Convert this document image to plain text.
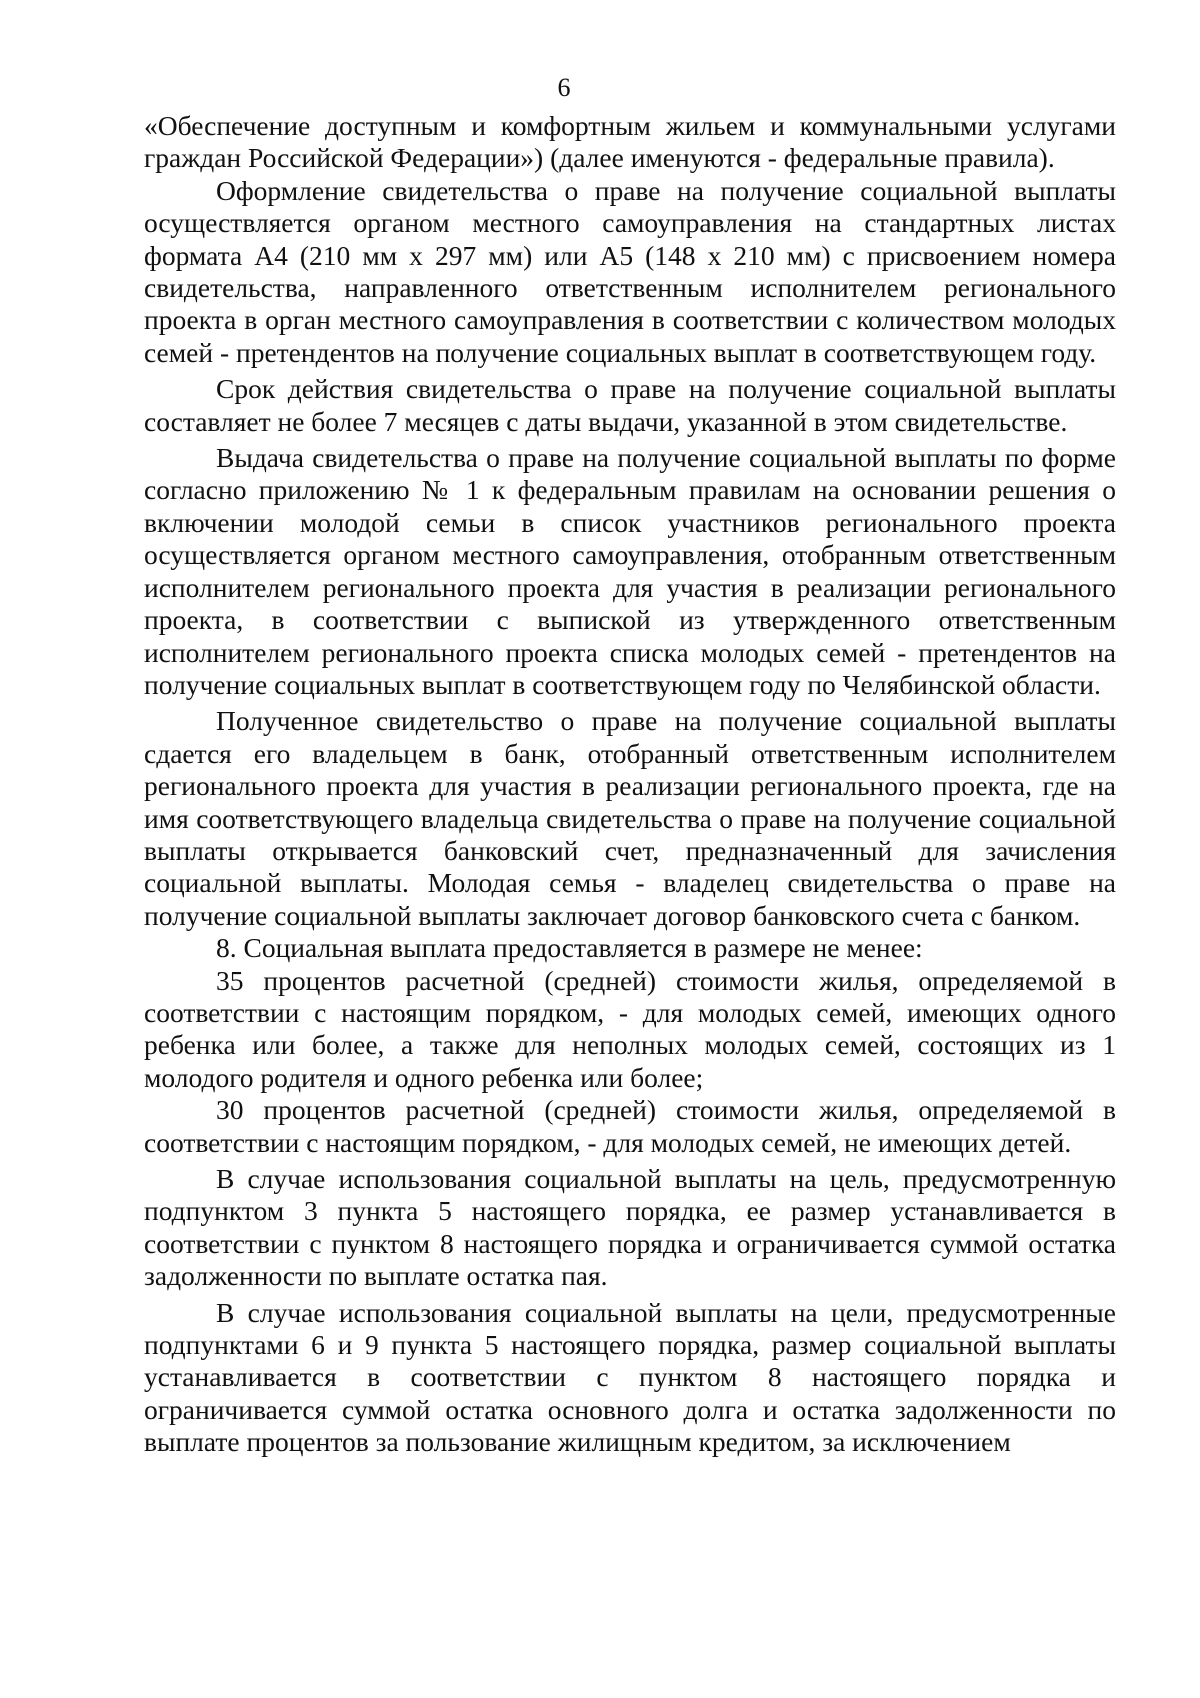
6

«Обеспечение доступным и комфортным жильем и коммунальными услугами граждан Российской Федерации») (далее именуются - федеральные правила).

Оформление свидетельства о праве на получение социальной выплаты осуществляется органом местного самоуправления на стандартных листах формата А4 (210 мм х 297 мм) или А5 (148 х 210 мм) с присвоением номера свидетельства, направленного ответственным исполнителем регионального проекта в орган местного самоуправления в соответствии с количеством молодых семей - претендентов на получение социальных выплат в соответствующем году.

Срок действия свидетельства о праве на получение социальной выплаты составляет не более 7 месяцев с даты выдачи, указанной в этом свидетельстве.

Выдача свидетельства о праве на получение социальной выплаты по форме согласно приложению № 1 к федеральным правилам на основании решения о включении молодой семьи в список участников регионального проекта осуществляется органом местного самоуправления, отобранным ответственным исполнителем регионального проекта для участия в реализации регионального проекта, в соответствии с выпиской из утвержденного ответственным исполнителем регионального проекта списка молодых семей - претендентов на получение социальных выплат в соответствующем году по Челябинской области.

Полученное свидетельство о праве на получение социальной выплаты сдается его владельцем в банк, отобранный ответственным исполнителем регионального проекта для участия в реализации регионального проекта, где на имя соответствующего владельца свидетельства о праве на получение социальной выплаты открывается банковский счет, предназначенный для зачисления социальной выплаты. Молодая семья - владелец свидетельства о праве на получение социальной выплаты заключает договор банковского счета с банком.

8. Социальная выплата предоставляется в размере не менее:

35 процентов расчетной (средней) стоимости жилья, определяемой в соответствии с настоящим порядком, - для молодых семей, имеющих одного ребенка или более, а также для неполных молодых семей, состоящих из 1 молодого родителя и одного ребенка или более;

30 процентов расчетной (средней) стоимости жилья, определяемой в соответствии с настоящим порядком, - для молодых семей, не имеющих детей.

В случае использования социальной выплаты на цель, предусмотренную подпунктом 3 пункта 5 настоящего порядка, ее размер устанавливается в соответствии с пунктом 8 настоящего порядка и ограничивается суммой остатка задолженности по выплате остатка пая.

В случае использования социальной выплаты на цели, предусмотренные подпунктами 6 и 9 пункта 5 настоящего порядка, размер социальной выплаты устанавливается в соответствии с пунктом 8 настоящего порядка и ограничивается суммой остатка основного долга и остатка задолженности по выплате процентов за пользование жилищным кредитом, за исключением
